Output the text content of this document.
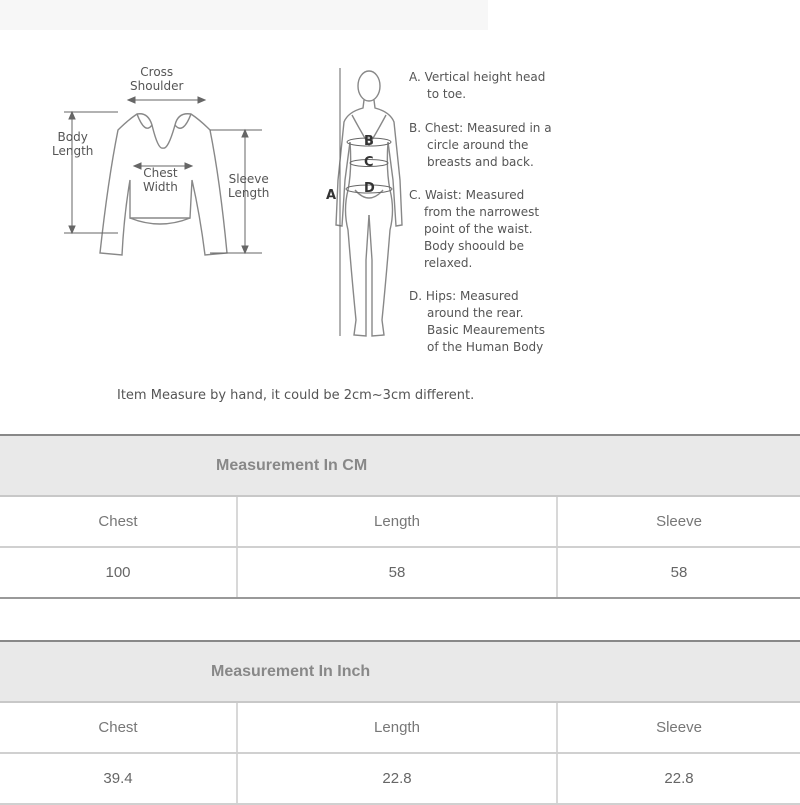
Cross
Shoulder
Body
Length
Chest
Width
Sleeve
Length	A
B
C
D
A. Vertical height head
to toe.
B. Chest: Measured in a
circle around the
breasts and back.
C. Waist: Measured
from the narrowest
point of the waist.
Body shoould be
relaxed.
D. Hips: Measured
around the rear.
Basic Meaurements
of the Human Body
Item Measure by hand, it could be 2cm~3cm different.
Measurement In CM
Chest	Length	Sleeve
100	58	58
Measurement In Inch
Chest	Length	Sleeve
39.4	22.8	22.8
